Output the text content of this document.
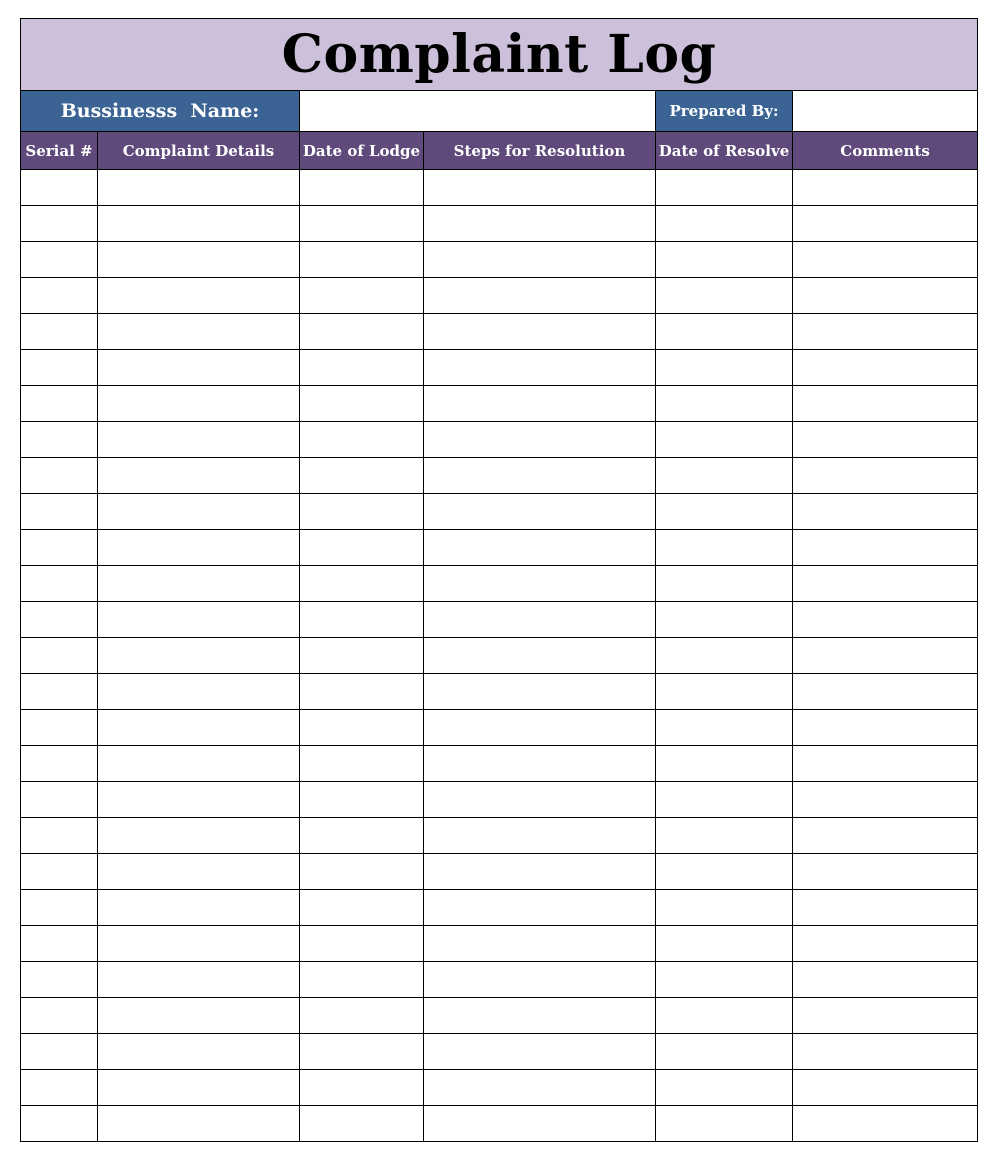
Complaint Log					
Bussinesss  Name:				Prepared By:	
Serial #	Complaint Details	Date of Lodge	Steps for Resolution	Date of Resolve	Comments
